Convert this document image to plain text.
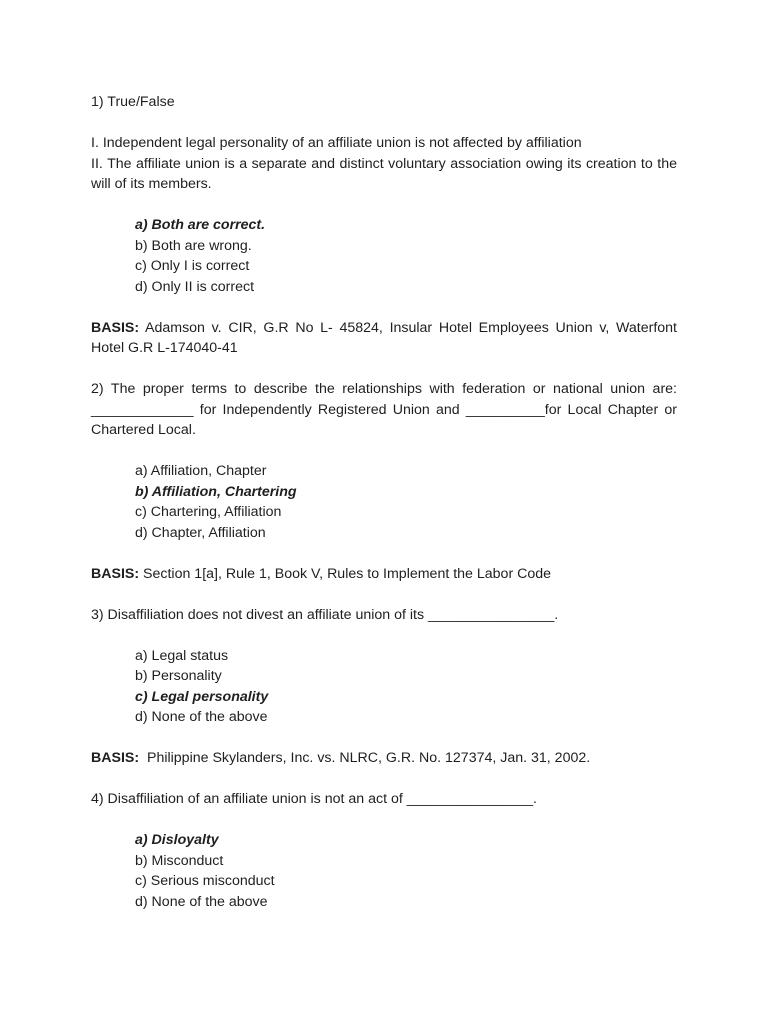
1) True/False

I. Independent legal personality of an affiliate union is not affected by affiliation

II. The affiliate union is a separate and distinct voluntary association owing its creation to the will of its members.

a) Both are correct.

b) Both are wrong.

c) Only I is correct

d) Only II is correct

BASIS: Adamson v. CIR, G.R No L- 45824, Insular Hotel Employees Union v, Waterfont Hotel G.R L-174040-41

2) The proper terms to describe the relationships with federation or national union are: _____________ for Independently Registered Union and __________for Local Chapter or Chartered Local.

a) Affiliation, Chapter

b) Affiliation, Chartering

c) Chartering, Affiliation

d) Chapter, Affiliation

BASIS: Section 1[a], Rule 1, Book V, Rules to Implement the Labor Code

3) Disaffiliation does not divest an affiliate union of its ________________.

a) Legal status

b) Personality

c) Legal personality

d) None of the above

BASIS:  Philippine Skylanders, Inc. vs. NLRC, G.R. No. 127374, Jan. 31, 2002.

4) Disaffiliation of an affiliate union is not an act of ________________.

a) Disloyalty

b) Misconduct

c) Serious misconduct

d) None of the above
